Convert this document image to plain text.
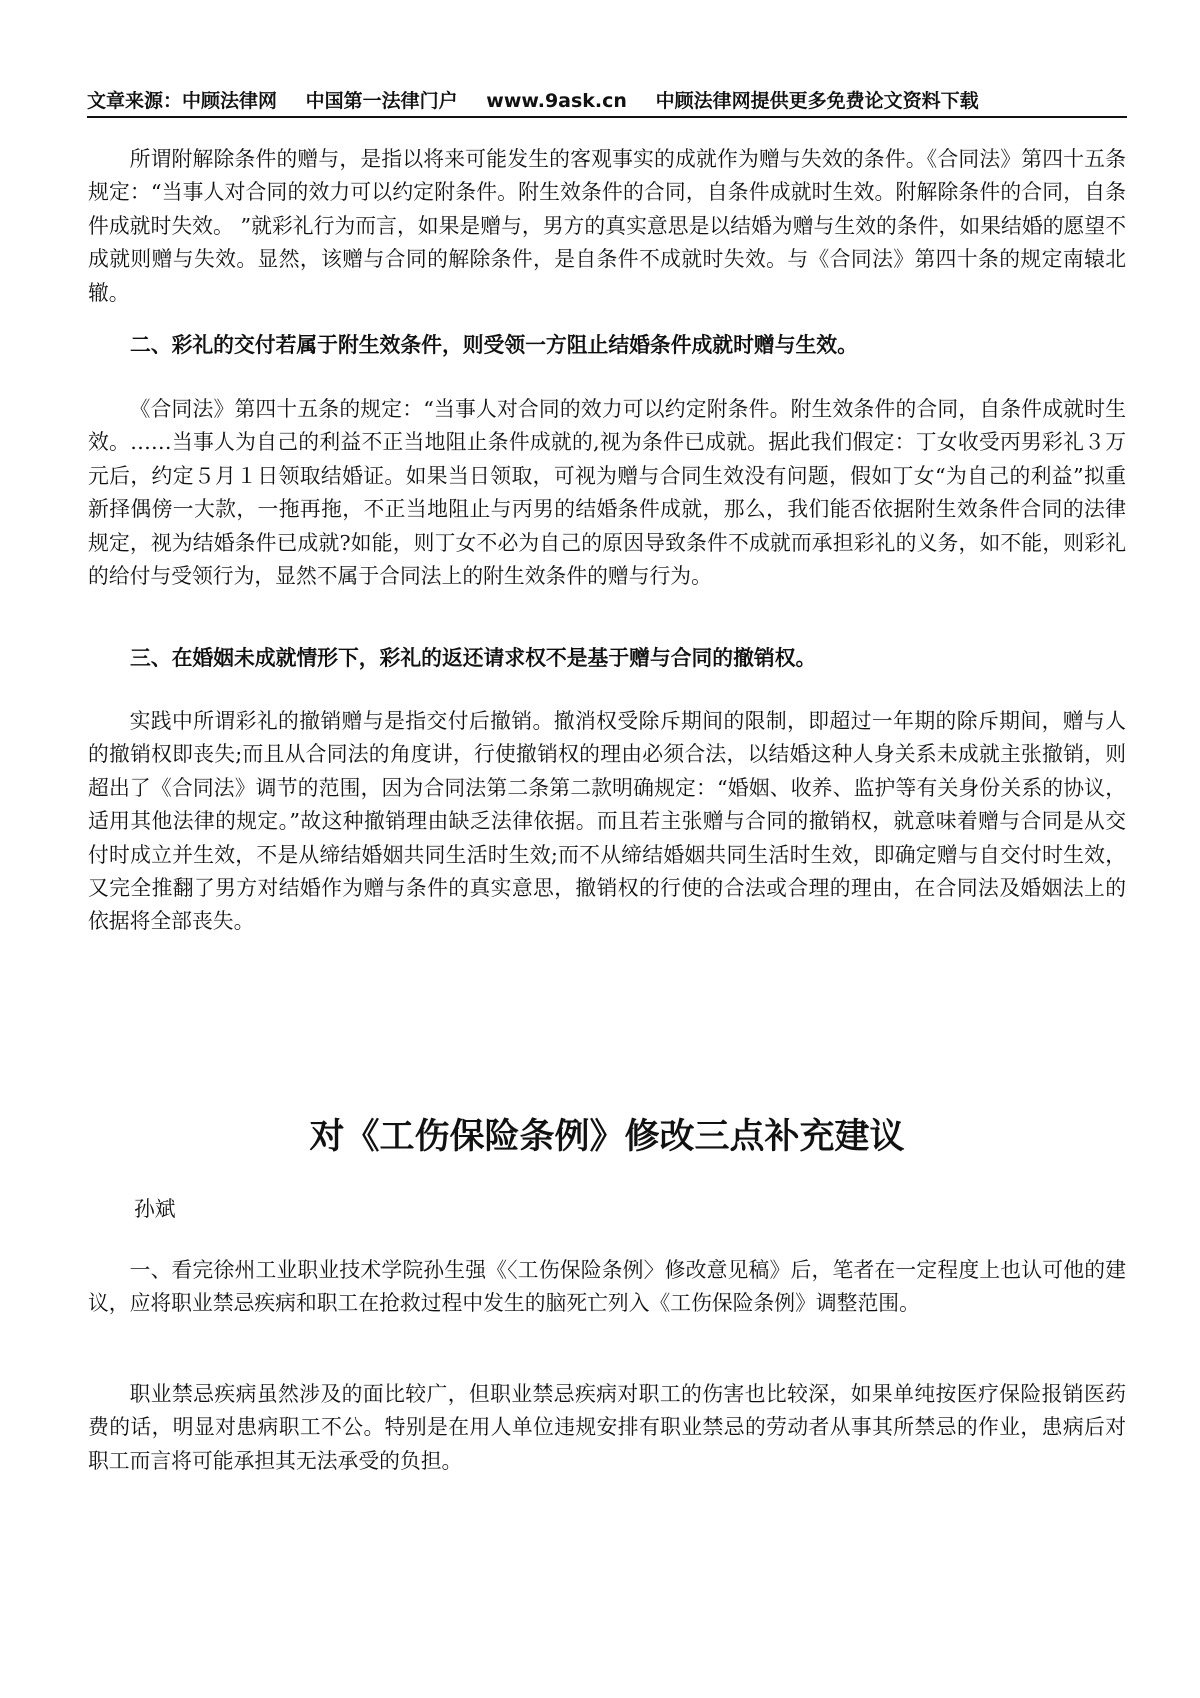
文章来源：中顾法律网 中国第一法律门户 www.9ask.cn 中顾法律网提供更多免费论文资料下载

所谓附解除条件的赠与，是指以将来可能发生的客观事实的成就作为赠与失效的条件。《合同法》第四十五条规定：“当事人对合同的效力可以约定附条件。附生效条件的合同，自条件成就时生效。附解除条件的合同，自条件成就时失效。 ”就彩礼行为而言，如果是赠与，男方的真实意思是以结婚为赠与生效的条件，如果结婚的愿望不成就则赠与失效。显然，该赠与合同的解除条件，是自条件不成就时失效。与《合同法》第四十条的规定南辕北辙。

二、彩礼的交付若属于附生效条件，则受领一方阻止结婚条件成就时赠与生效。

《合同法》第四十五条的规定：“当事人对合同的效力可以约定附条件。附生效条件的合同，自条件成就时生效。……当事人为自己的利益不正当地阻止条件成就的,视为条件已成就。据此我们假定：丁女收受丙男彩礼３万元后，约定５月１日领取结婚证。如果当日领取，可视为赠与合同生效没有问题，假如丁女“为自己的利益”拟重新择偶傍一大款，一拖再拖，不正当地阻止与丙男的结婚条件成就，那么，我们能否依据附生效条件合同的法律规定，视为结婚条件已成就?如能，则丁女不必为自己的原因导致条件不成就而承担彩礼的义务，如不能，则彩礼的给付与受领行为，显然不属于合同法上的附生效条件的赠与行为。

三、在婚姻未成就情形下，彩礼的返还请求权不是基于赠与合同的撤销权。

实践中所谓彩礼的撤销赠与是指交付后撤销。撤消权受除斥期间的限制，即超过一年期的除斥期间，赠与人的撤销权即丧失;而且从合同法的角度讲，行使撤销权的理由必须合法，以结婚这种人身关系未成就主张撤销，则超出了《合同法》调节的范围，因为合同法第二条第二款明确规定：“婚姻、收养、监护等有关身份关系的协议，适用其他法律的规定。”故这种撤销理由缺乏法律依据。而且若主张赠与合同的撤销权，就意味着赠与合同是从交付时成立并生效，不是从缔结婚姻共同生活时生效;而不从缔结婚姻共同生活时生效，即确定赠与自交付时生效，又完全推翻了男方对结婚作为赠与条件的真实意思，撤销权的行使的合法或合理的理由，在合同法及婚姻法上的依据将全部丧失。

对《工伤保险条例》修改三点补充建议

孙斌

一、看完徐州工业职业技术学院孙生强《〈工伤保险条例〉修改意见稿》后，笔者在一定程度上也认可他的建议，应将职业禁忌疾病和职工在抢救过程中发生的脑死亡列入《工伤保险条例》调整范围。

职业禁忌疾病虽然涉及的面比较广，但职业禁忌疾病对职工的伤害也比较深，如果单纯按医疗保险报销医药费的话，明显对患病职工不公。特别是在用人单位违规安排有职业禁忌的劳动者从事其所禁忌的作业，患病后对职工而言将可能承担其无法承受的负担。
